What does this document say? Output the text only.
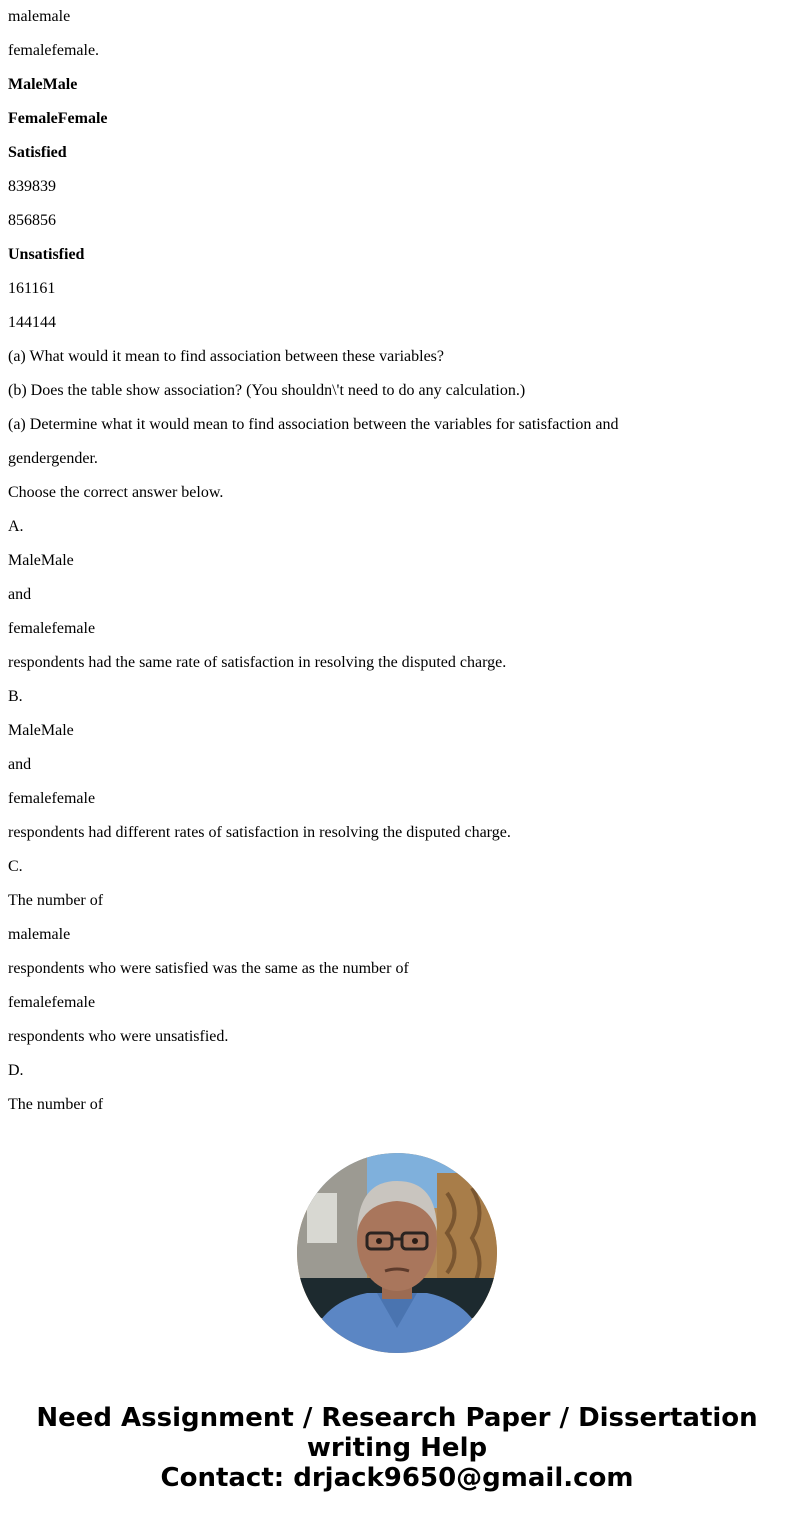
malemale

femalefemale.

MaleMale

FemaleFemale

Satisfied

839839

856856

Unsatisfied

161161

144144

(a) What would it mean to find association between these variables?

(b) Does the table show association? (You shouldn\'t need to do any calculation.)

(a) Determine what it would mean to find association between the variables for satisfaction and

gendergender.

Choose the correct answer below.

A.

MaleMale

and

femalefemale

respondents had the same rate of satisfaction in resolving the disputed charge.

B.

MaleMale

and

femalefemale

respondents had different rates of satisfaction in resolving the disputed charge.

C.

The number of

malemale

respondents who were satisfied was the same as the number of

femalefemale

respondents who were unsatisfied.

D.

The number of

Need Assignment / Research Paper / Dissertation
writing Help
Contact: drjack9650@gmail.com
